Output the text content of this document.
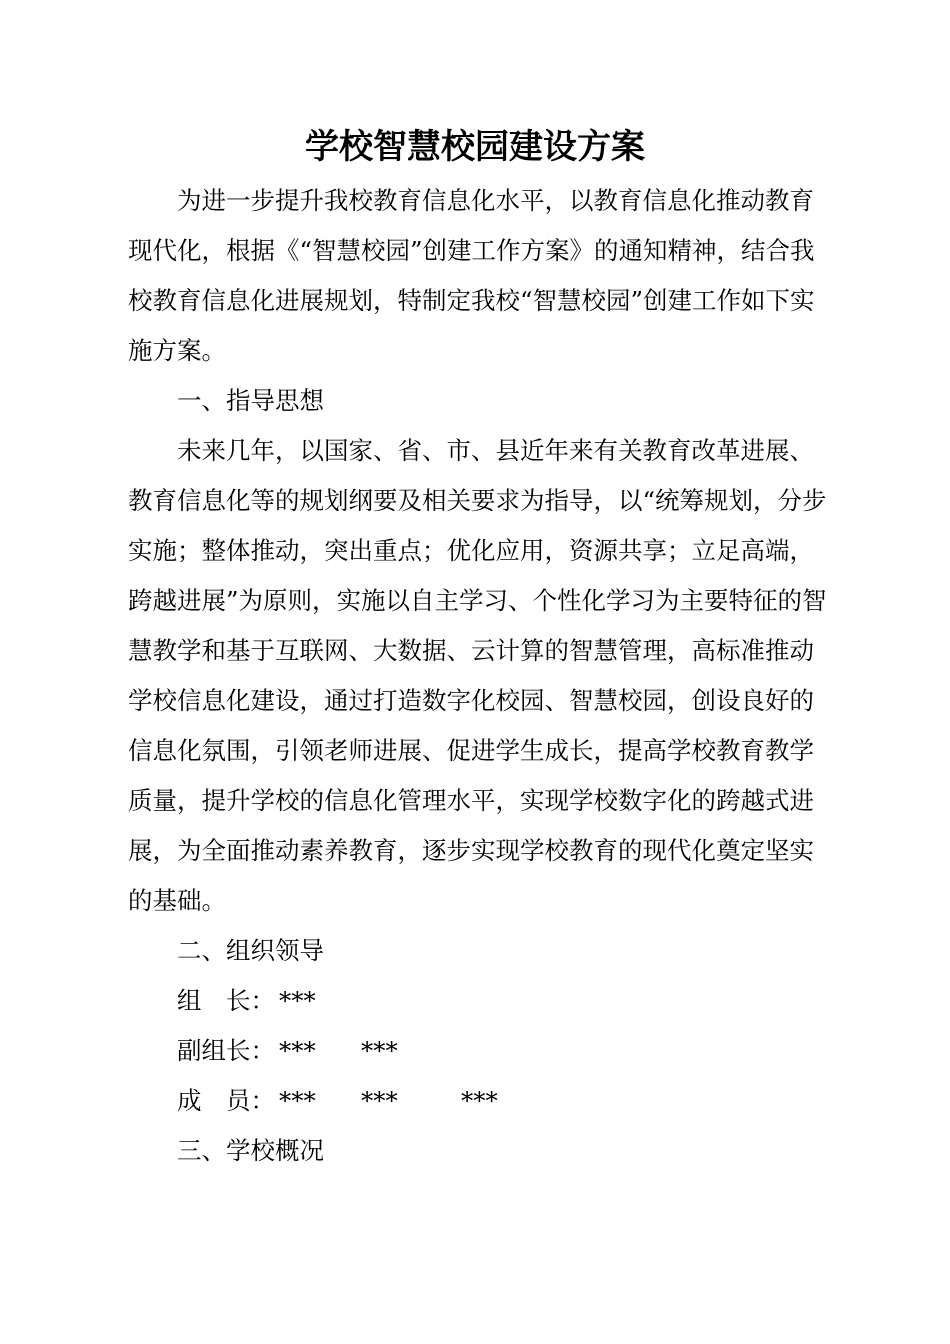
学校智慧校园建设方案

为进一步提升我校教育信息化水平，以教育信息化推动教育现代化，根据《“智慧校园”创建工作方案》的通知精神，结合我校教育信息化进展规划，特制定我校“智慧校园”创建工作如下实施方案。

一、指导思想

未来几年，以国家、省、市、县近年来有关教育改革进展、教育信息化等的规划纲要及相关要求为指导，以“统筹规划，分步实施；整体推动，突出重点；优化应用，资源共享；立足高端，跨越进展”为原则，实施以自主学习、个性化学习为主要特征的智慧教学和基于互联网、大数据、云计算的智慧管理，高标准推动学校信息化建设，通过打造数字化校园、智慧校园，创设良好的信息化氛围，引领老师进展、促进学生成长，提高学校教育教学质量，提升学校的信息化管理水平，实现学校数字化的跨越式进展，为全面推动素养教育，逐步实现学校教育的现代化奠定坚实的基础。

二、组织领导

组　长： ***
副组长： *** ***
成　员： *** ***	***

三、学校概况
